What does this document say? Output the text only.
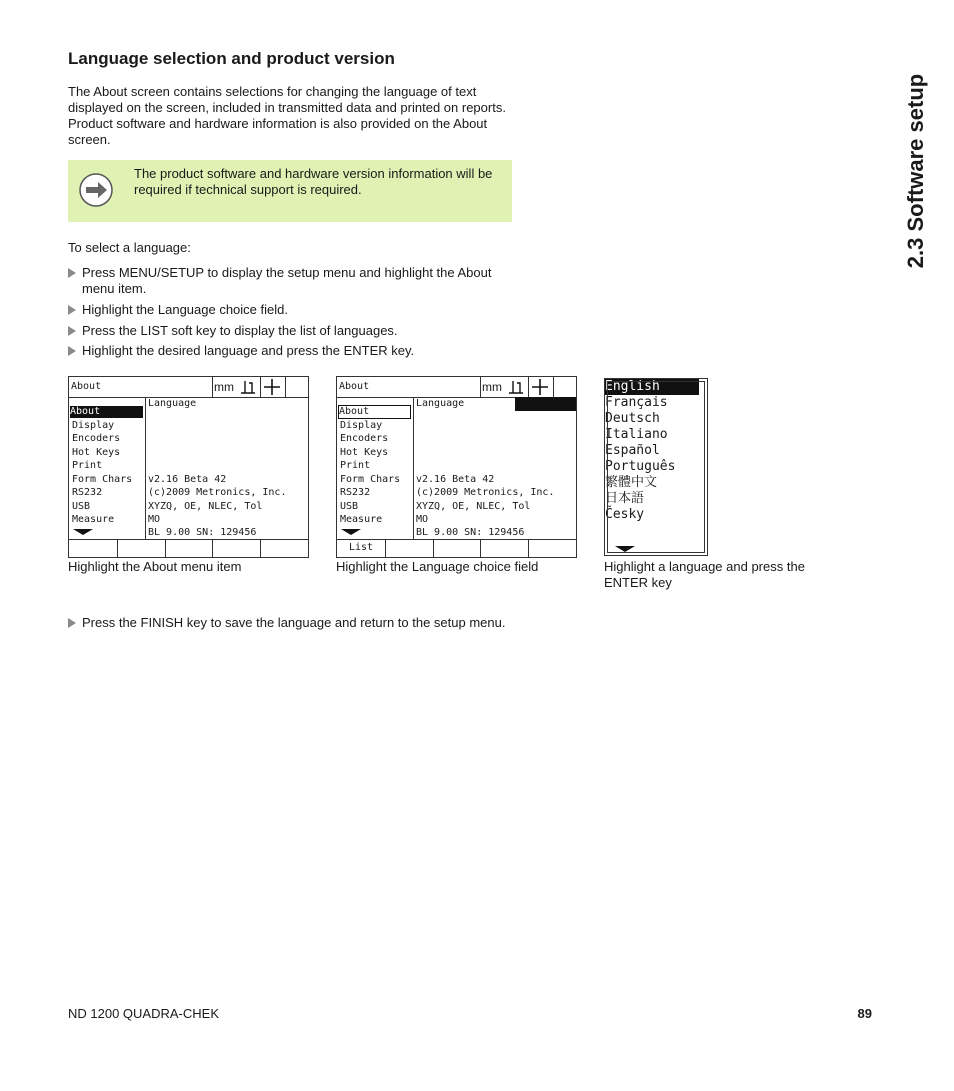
2.3 Software setup
Language selection and product version
The About screen contains selections for changing the language of text displayed on the screen, included in transmitted data and printed on reports. Product software and hardware information is also provided on the About screen.
The product software and hardware version information will be required if technical support is required.
To select a language:
Press MENU/SETUP to display the setup menu and highlight the About menu item.
Highlight the Language choice field.
Press the LIST soft key to display the list of languages.
Highlight the desired language and press the ENTER key.
About	mm
About
Display
Encoders
Hot Keys
Print
Form Chars
RS232
USB
Measure
Language
v2.16 Beta 42
(c)2009 Metronics, Inc.
XYZQ, OE, NLEC, Tol
MO
BL 9.00 SN: 129456
About	mm
About
Display
Encoders
Hot Keys
Print
Form Chars
RS232
USB
Measure
Language
v2.16 Beta 42
(c)2009 Metronics, Inc.
XYZQ, OE, NLEC, Tol
MO
BL 9.00 SN: 129456
List
English
Français
Deutsch
Italiano
Español
Português
繁體中文
日本語
Česky
Highlight the About menu item	Highlight the Language choice field	Highlight a language and press the ENTER key
Press the FINISH key to save the language and return to the setup menu.
ND 1200 QUADRA-CHEK	89
